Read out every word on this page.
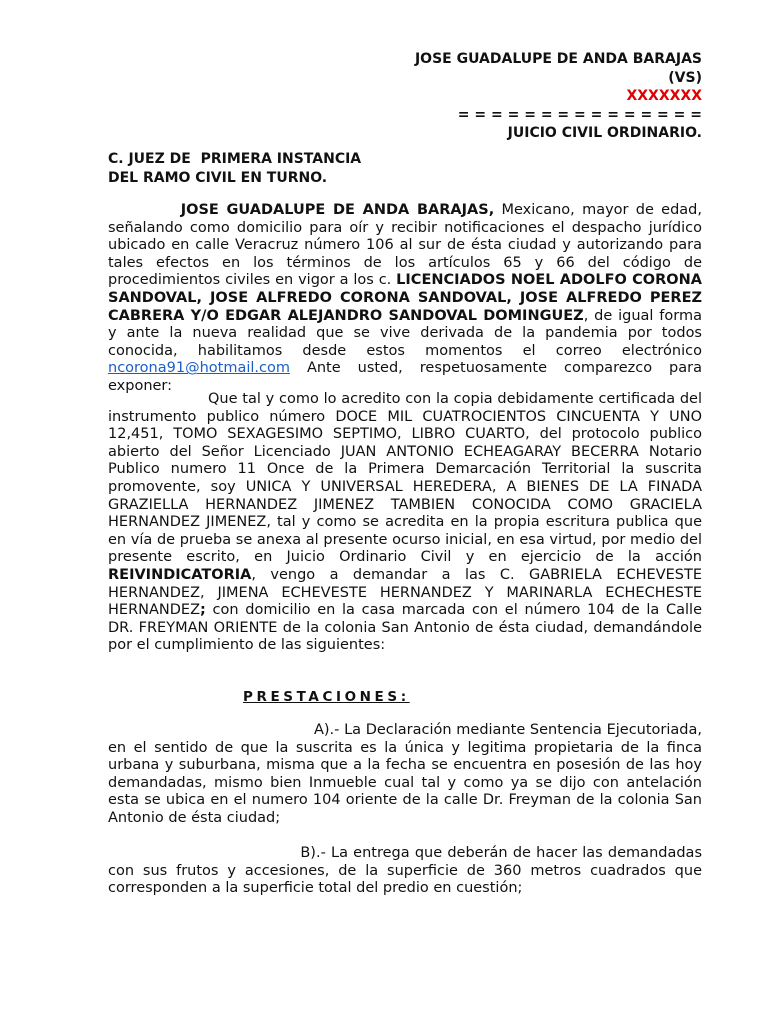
JOSE GUADALUPE DE ANDA BARAJAS
(VS)
XXXXXXX
= = = = = = = = = = = = = = =
JUICIO CIVIL ORDINARIO.
C. JUEZ DE  PRIMERA INSTANCIA
DEL RAMO CIVIL EN TURNO.

JOSE GUADALUPE DE ANDA BARAJAS, Mexicano, mayor de edad, señalando como domicilio para oír y recibir notificaciones el despacho jurídico ubicado en calle Veracruz número 106 al sur de ésta ciudad y autorizando para tales efectos en los términos de los artículos 65 y 66 del código de procedimientos civiles en vigor a los c. LICENCIADOS NOEL ADOLFO CORONA SANDOVAL, JOSE ALFREDO CORONA SANDOVAL, JOSE ALFREDO PEREZ CABRERA Y/O EDGAR ALEJANDRO SANDOVAL DOMINGUEZ, de igual forma y ante la nueva realidad que se vive derivada de la pandemia por todos conocida, habilitamos desde estos momentos el correo electrónico ncorona91@hotmail.com Ante usted, respetuosamente comparezco para exponer:

Que tal y como lo acredito con la copia debidamente certificada del instrumento publico número DOCE MIL CUATROCIENTOS CINCUENTA Y UNO 12,451, TOMO SEXAGESIMO SEPTIMO, LIBRO CUARTO, del protocolo publico abierto del Señor Licenciado JUAN ANTONIO ECHEAGARAY BECERRA Notario Publico numero 11 Once de la Primera Demarcación Territorial la suscrita promovente, soy UNICA Y UNIVERSAL HEREDERA, A BIENES DE LA FINADA GRAZIELLA HERNANDEZ JIMENEZ TAMBIEN CONOCIDA COMO GRACIELA HERNANDEZ JIMENEZ, tal y como se acredita en la propia escritura publica que en vía de prueba se anexa al presente ocurso inicial, en esa virtud, por medio del presente escrito, en Juicio Ordinario Civil y en ejercicio de la acción REIVINDICATORIA, vengo a demandar a las C. GABRIELA ECHEVESTE HERNANDEZ, JIMENA ECHEVESTE HERNANDEZ Y MARINARLA ECHECHESTE HERNANDEZ; con domicilio en la casa marcada con el número 104 de la Calle DR. FREYMAN ORIENTE de la colonia San Antonio de ésta ciudad, demandándole por el cumplimiento de las siguientes:

PRESTACIONES:

A).- La Declaración mediante Sentencia Ejecutoriada, en el sentido de que la suscrita es la única y legitima propietaria de la finca urbana y suburbana, misma que a la fecha se encuentra en posesión de las hoy demandadas, mismo bien Inmueble cual tal y como ya se dijo con antelación esta se ubica en el numero 104 oriente de la calle Dr. Freyman de la colonia San Antonio de ésta ciudad;

B).- La entrega que deberán de hacer las demandadas con sus frutos y accesiones, de la superficie de 360 metros cuadrados que corresponden a la superficie total del predio en cuestión;
